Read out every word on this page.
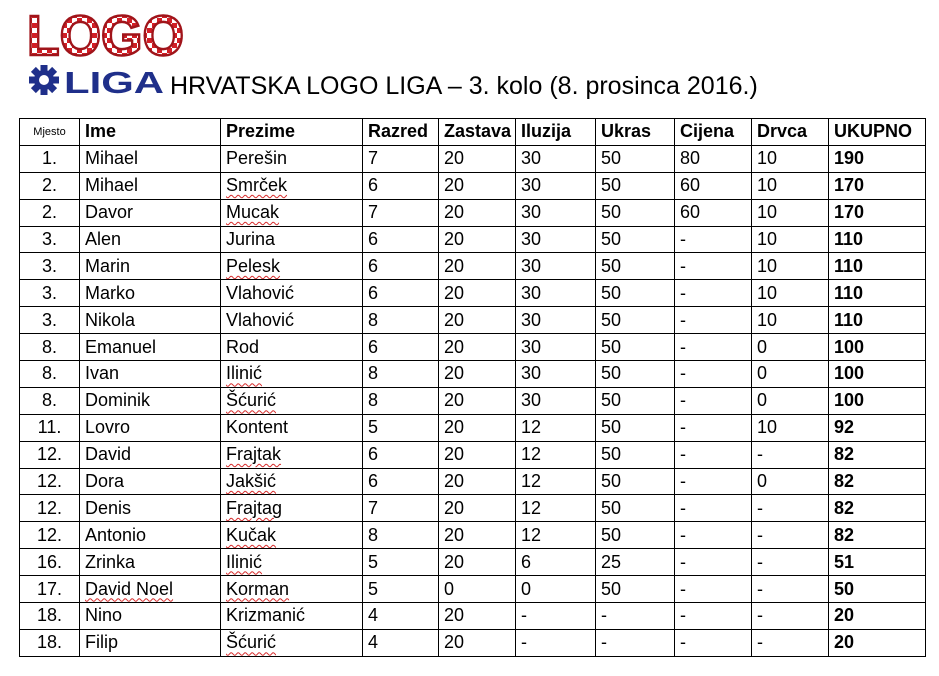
LOGO
LIGA HRVATSKA LOGO LIGA – 3. kolo (8. prosinca 2016.)
Mjesto	Ime	Prezime	Razred	Zastava	Iluzija	Ukras	Cijena	Drvca	UKUPNO
1.	Mihael	Perešin	7	20	30	50	80	10	190
2.	Mihael	Smrček	6	20	30	50	60	10	170
2.	Davor	Mucak	7	20	30	50	60	10	170
3.	Alen	Jurina	6	20	30	50	-	10	110
3.	Marin	Pelesk	6	20	30	50	-	10	110
3.	Marko	Vlahović	6	20	30	50	-	10	110
3.	Nikola	Vlahović	8	20	30	50	-	10	110
8.	Emanuel	Rod	6	20	30	50	-	0	100
8.	Ivan	Ilinić	8	20	30	50	-	0	100
8.	Dominik	Šćurić	8	20	30	50	-	0	100
11.	Lovro	Kontent	5	20	12	50	-	10	92
12.	David	Frajtak	6	20	12	50	-	-	82
12.	Dora	Jakšić	6	20	12	50	-	0	82
12.	Denis	Frajtag	7	20	12	50	-	-	82
12.	Antonio	Kučak	8	20	12	50	-	-	82
16.	Zrinka	Ilinić	5	20	6	25	-	-	51
17.	David Noel	Korman	5	0	0	50	-	-	50
18.	Nino	Krizmanić	4	20	-	-	-	-	20
18.	Filip	Šćurić	4	20	-	-	-	-	20
